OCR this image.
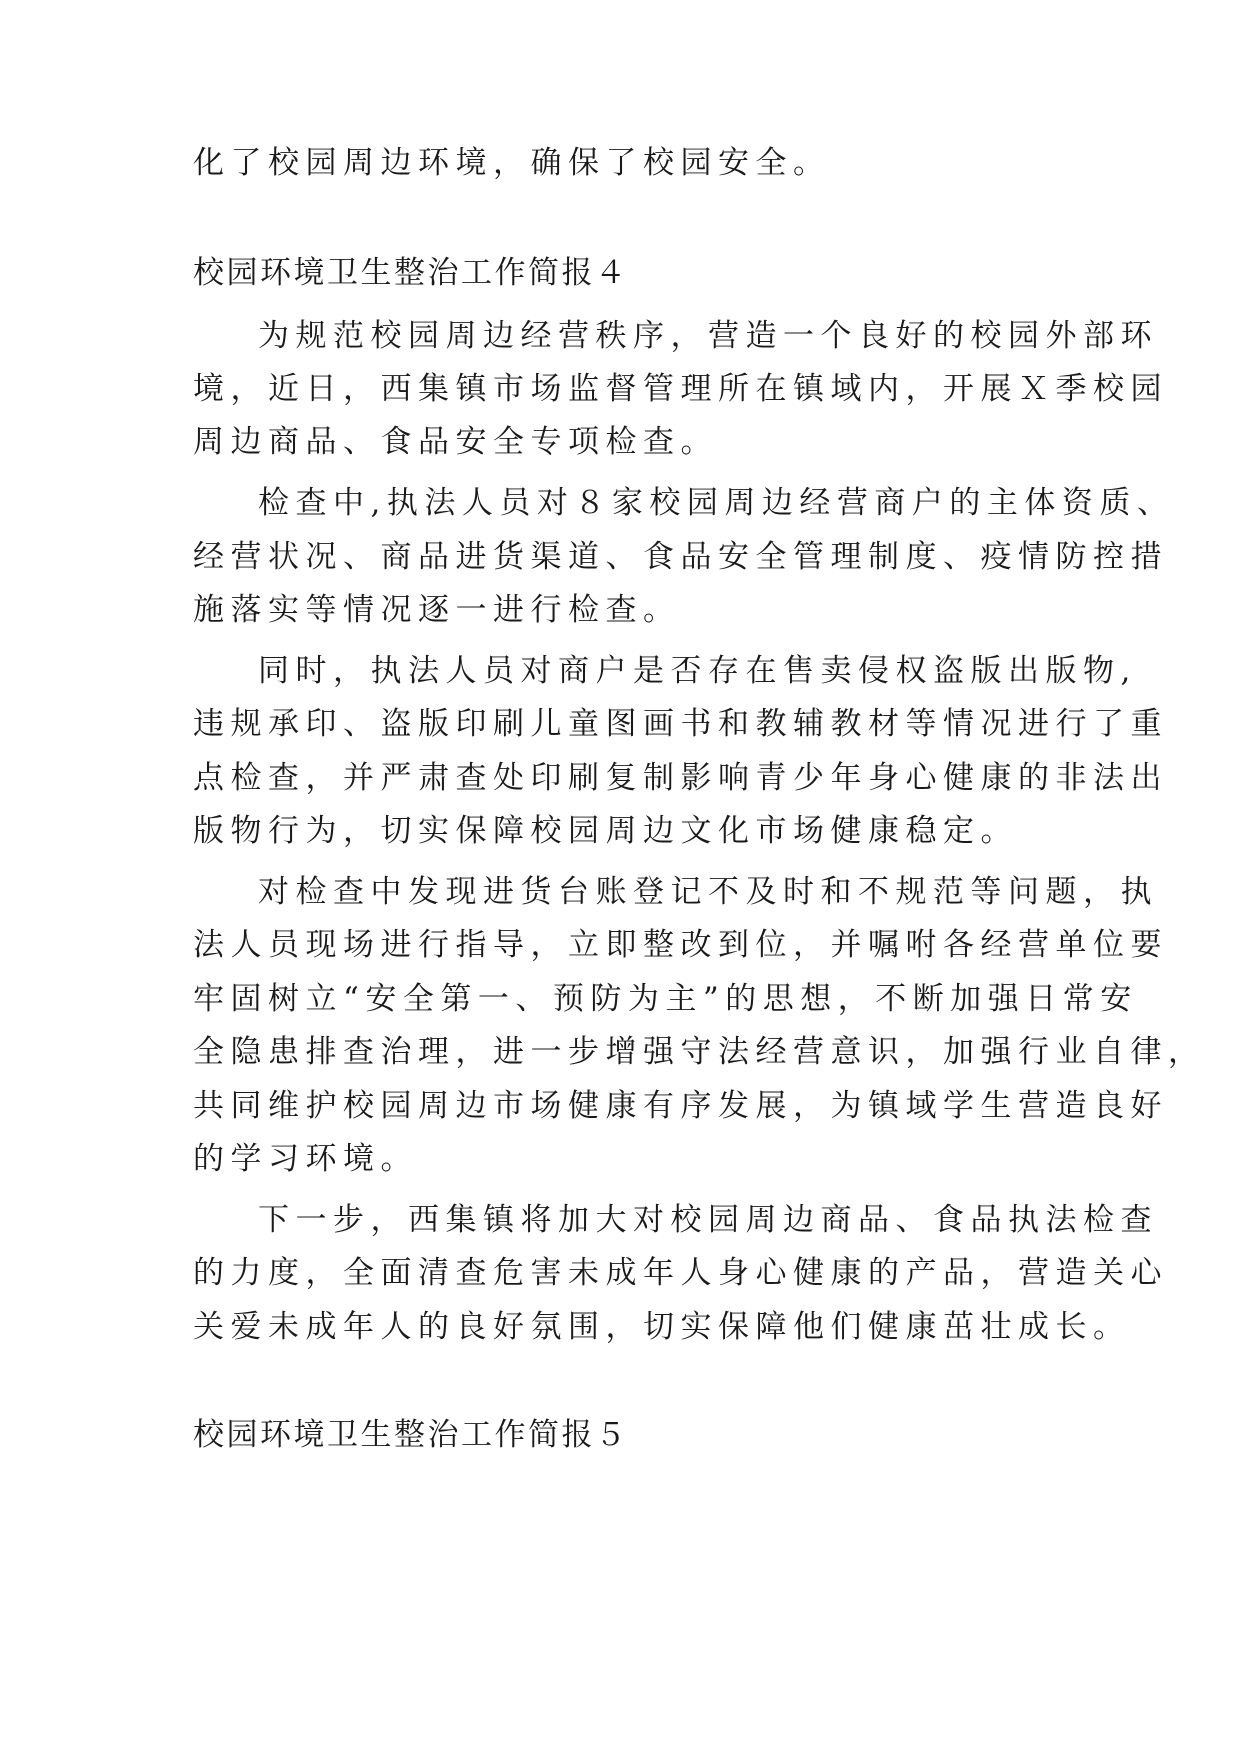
化了校园周边环境，确保了校园安全。
校园环境卫生整治工作简报４
为规范校园周边经营秩序，营造一个良好的校园外部环
境，近日，西集镇市场监督管理所在镇域内，开展Ｘ季校园
周边商品、食品安全专项检查。
检查中,执法人员对８家校园周边经营商户的主体资质、
经营状况、商品进货渠道、食品安全管理制度、疫情防控措
施落实等情况逐一进行检查。
同时，执法人员对商户是否存在售卖侵权盗版出版物,
违规承印、盗版印刷儿童图画书和教辅教材等情况进行了重
点检查，并严肃查处印刷复制影响青少年身心健康的非法出
版物行为，切实保障校园周边文化市场健康稳定。
对检查中发现进货台账登记不及时和不规范等问题，执
法人员现场进行指导，立即整改到位，并嘱咐各经营单位要
牢固树立“安全第一、预防为主”的思想，不断加强日常安
全隐患排查治理，进一步增强守法经营意识，加强行业自律，
共同维护校园周边市场健康有序发展，为镇域学生营造良好
的学习环境。
下一步，西集镇将加大对校园周边商品、食品执法检查
的力度，全面清查危害未成年人身心健康的产品，营造关心
关爱未成年人的良好氛围，切实保障他们健康茁壮成长。
校园环境卫生整治工作简报５
